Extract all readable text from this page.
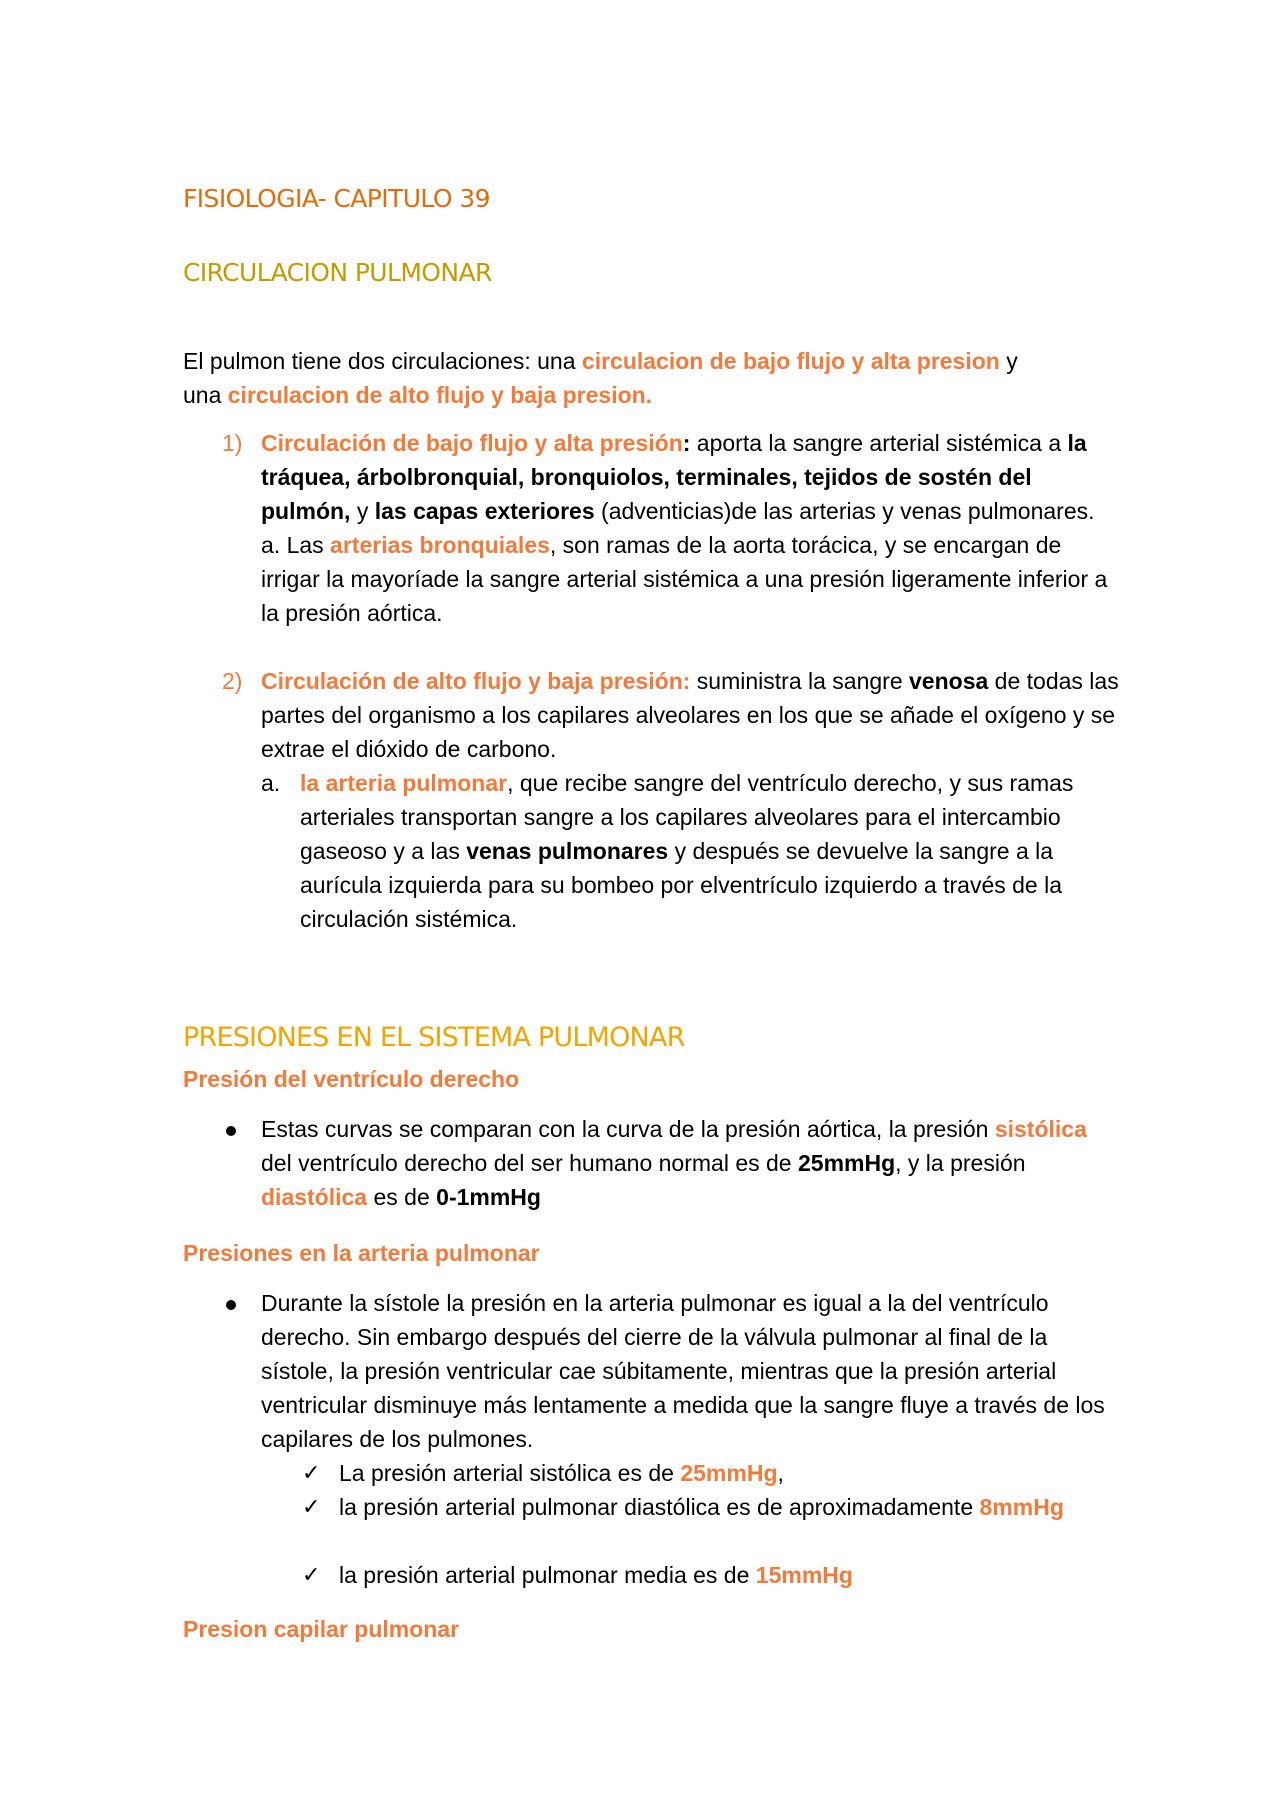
FISIOLOGIA- CAPITULO 39
CIRCULACION PULMONAR
El pulmon tiene dos circulaciones: una circulacion de bajo flujo y alta presion y una circulacion de alto flujo y baja presion.
1) Circulación de bajo flujo y alta presión: aporta la sangre arterial sistémica a la tráquea, árbolbronquial, bronquiolos, terminales, tejidos de sostén del pulmón, y las capas exteriores (adventicias)de las arterias y venas pulmonares.
a. Las arterias bronquiales, son ramas de la aorta torácica, y se encargan de irrigar la mayoríade la sangre arterial sistémica a una presión ligeramente inferior a la presión aórtica.
2) Circulación de alto flujo y baja presión: suministra la sangre venosa de todas las partes del organismo a los capilares alveolares en los que se añade el oxígeno y se extrae el dióxido de carbono.
a. la arteria pulmonar, que recibe sangre del ventrículo derecho, y sus ramas arteriales transportan sangre a los capilares alveolares para el intercambio gaseoso y a las venas pulmonares y después se devuelve la sangre a la aurícula izquierda para su bombeo por elventrículo izquierdo a través de la circulación sistémica.
PRESIONES EN EL SISTEMA PULMONAR
Presión del ventrículo derecho
Estas curvas se comparan con la curva de la presión aórtica, la presión sistólica del ventrículo derecho del ser humano normal es de 25mmHg, y la presión diastólica es de 0-1mmHg
Presiones en la arteria pulmonar
Durante la sístole la presión en la arteria pulmonar es igual a la del ventrículo derecho. Sin embargo después del cierre de la válvula pulmonar al final de la sístole, la presión ventricular cae súbitamente, mientras que la presión arterial ventricular disminuye más lentamente a medida que la sangre fluye a través de los capilares de los pulmones.
✓ La presión arterial sistólica es de 25mmHg,
✓ la presión arterial pulmonar diastólica es de aproximadamente 8mmHg
✓ la presión arterial pulmonar media es de 15mmHg
Presion capilar pulmonar
